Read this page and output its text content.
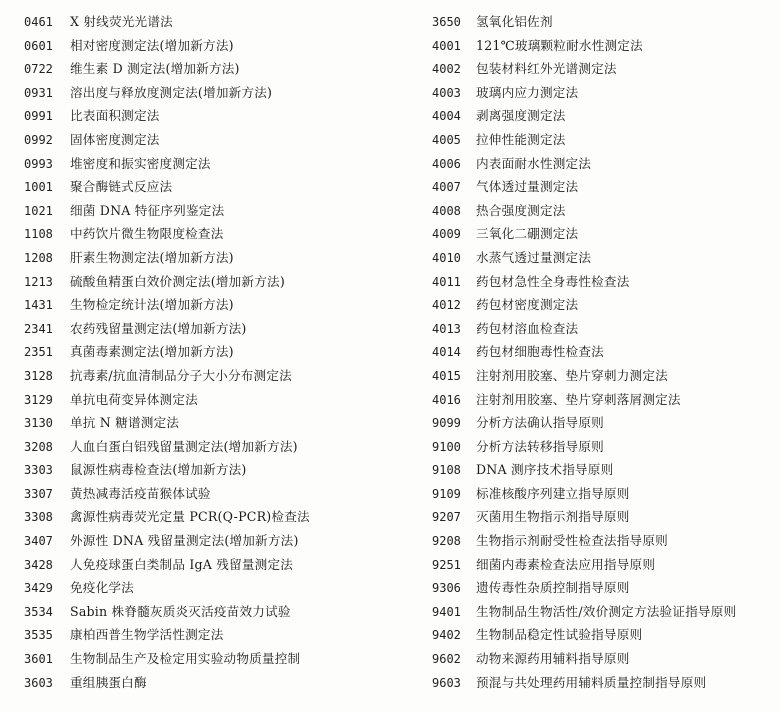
0461 X 射线荧光光谱法
0601 相对密度测定法(增加新方法)
0722 维生素 D 测定法(增加新方法)
0931 溶出度与释放度测定法(增加新方法)
0991 比表面积测定法
0992 固体密度测定法
0993 堆密度和振实密度测定法
1001 聚合酶链式反应法
1021 细菌 DNA 特征序列鉴定法
1108 中药饮片微生物限度检查法
1208 肝素生物测定法(增加新方法)
1213 硫酸鱼精蛋白效价测定法(增加新方法)
1431 生物检定统计法(增加新方法)
2341 农药残留量测定法(增加新方法)
2351 真菌毒素测定法(增加新方法)
3128 抗毒素/抗血清制品分子大小分布测定法
3129 单抗电荷变异体测定法
3130 单抗 N 糖谱测定法
3208 人血白蛋白铝残留量测定法(增加新方法)
3303 鼠源性病毒检查法(增加新方法)
3307 黄热减毒活疫苗猴体试验
3308 禽源性病毒荧光定量 PCR(Q-PCR)检查法
3407 外源性 DNA 残留量测定法(增加新方法)
3428 人免疫球蛋白类制品 IgA 残留量测定法
3429 免疫化学法
3534 Sabin 株脊髓灰质炎灭活疫苗效力试验
3535 康柏西普生物学活性测定法
3601 生物制品生产及检定用实验动物质量控制
3603 重组胰蛋白酶
3650 氢氧化铝佐剂
4001 121℃玻璃颗粒耐水性测定法
4002 包装材料红外光谱测定法
4003 玻璃内应力测定法
4004 剥离强度测定法
4005 拉伸性能测定法
4006 内表面耐水性测定法
4007 气体透过量测定法
4008 热合强度测定法
4009 三氧化二硼测定法
4010 水蒸气透过量测定法
4011 药包材急性全身毒性检查法
4012 药包材密度测定法
4013 药包材溶血检查法
4014 药包材细胞毒性检查法
4015 注射剂用胶塞、垫片穿刺力测定法
4016 注射剂用胶塞、垫片穿刺落屑测定法
9099 分析方法确认指导原则
9100 分析方法转移指导原则
9108 DNA 测序技术指导原则
9109 标准核酸序列建立指导原则
9207 灭菌用生物指示剂指导原则
9208 生物指示剂耐受性检查法指导原则
9251 细菌内毒素检查法应用指导原则
9306 遗传毒性杂质控制指导原则
9401 生物制品生物活性/效价测定方法验证指导原则
9402 生物制品稳定性试验指导原则
9602 动物来源药用辅料指导原则
9603 预混与共处理药用辅料质量控制指导原则
